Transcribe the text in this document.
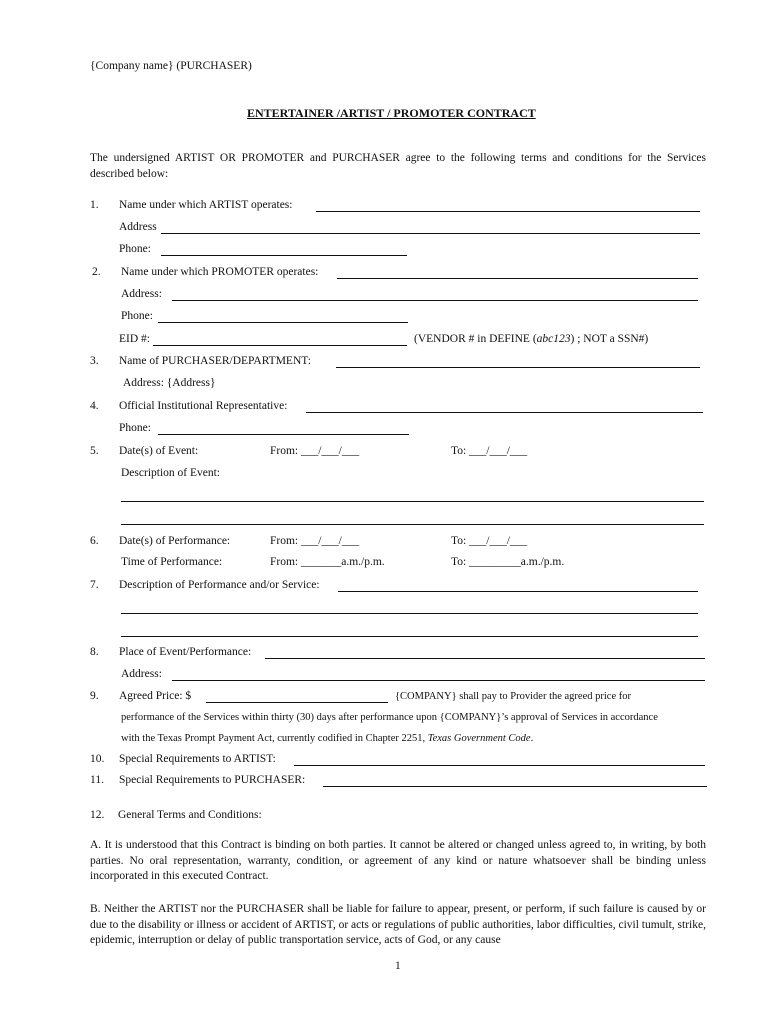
{Company name} (PURCHASER)
ENTERTAINER /ARTIST / PROMOTER CONTRACT
The undersigned ARTIST OR PROMOTER and PURCHASER agree to the following terms and conditions for the Services described below:
1. Name under which ARTIST operates:
Address
Phone:
2. Name under which PROMOTER operates:
Address:
Phone:
EID #:	(VENDOR # in DEFINE (abc123) ; NOT a SSN#)
3. Name of PURCHASER/DEPARTMENT:
Address: {Address}
4. Official Institutional Representative:
Phone:
5. Date(s) of Event:	From: ___/___/___	To: ___/___/___
Description of Event:
6. Date(s) of Performance:	From: ___/___/___	To: ___/___/___
Time of Performance:	From: _______a.m./p.m.	To: _________a.m./p.m.
7. Description of Performance and/or Service:
8. Place of Event/Performance:
Address:
9. Agreed Price: $	{COMPANY} shall pay to Provider the agreed price for
performance of the Services within thirty (30) days after performance upon {COMPANY}’s approval of Services in accordance
with the Texas Prompt Payment Act, currently codified in Chapter 2251, Texas Government Code.
10. Special Requirements to ARTIST:
11. Special Requirements to PURCHASER:
12. General Terms and Conditions:
A. It is understood that this Contract is binding on both parties. It cannot be altered or changed unless agreed to, in writing, by both parties. No oral representation, warranty, condition, or agreement of any kind or nature whatsoever shall be binding unless incorporated in this executed Contract.
B. Neither the ARTIST nor the PURCHASER shall be liable for failure to appear, present, or perform, if such failure is caused by or due to the disability or illness or accident of ARTIST, or acts or regulations of public authorities, labor difficulties, civil tumult, strike, epidemic, interruption or delay of public transportation service, acts of God, or any cause
1
